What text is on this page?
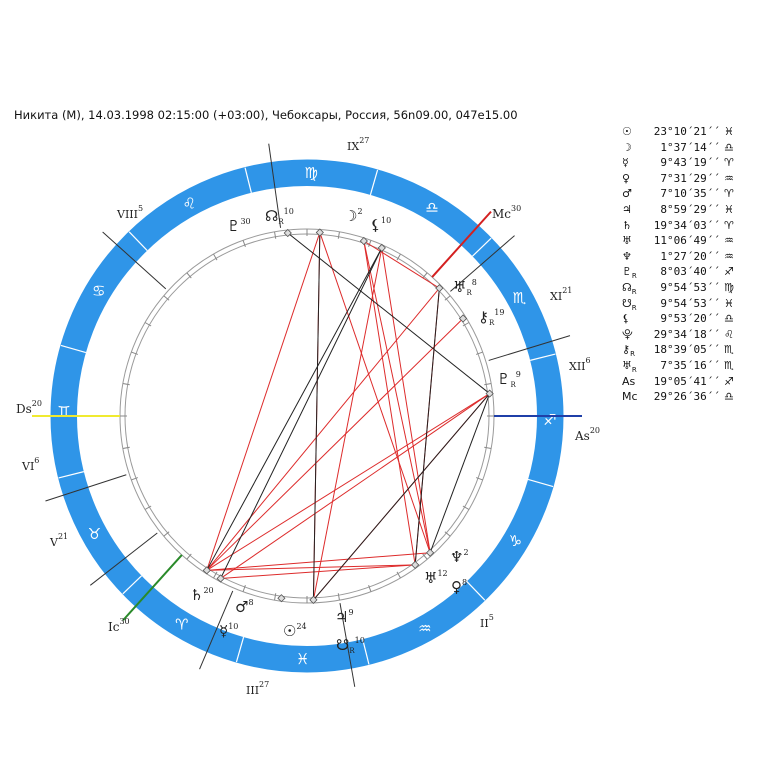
Никита (M), 14.03.1998 02:15:00 (+03:00), Чебоксары, Россия, 56n09.00, 047e15.00
♐
♏
♎
♍
♌
♋
♊
♉
♈
♓
♒
♑
As$^{20}$
Ds$^{20}$
Mc$^{30}$
Ic$^{30}$	$II^5$
III$^{27}$
$V^{21}$
$VI^6$
VIII$^5$
IX$^{27}$
XI$^{21}$
XII$^6$
♇$^{30}$ $☊_R^{10}$	☽$^2$
⚸$^{10}$
$♅_R^8$
$⚷_R^{19}$
$♇_R^9$
♆$^2$
♅$^{12}$
♀$^8$
♃$^9$
$☋_R^{10}$
☉$^{24}$
☿$^{10}$
♂$^8$
♄$^{20}$
☉	23°10´21´´ ♓
☽	1°37´14´´ ♎
☿	9°43´19´´ ♈
♀	7°31´29´´ ♒
♂	7°10´35´´ ♈
♃	8°59´29´´ ♓
♄	19°34´03´´ ♈
♅	11°06´49´´ ♒
♆	1°27´20´´ ♒
$♇_R$	8°03´40´´ ♐
$☊_R$	9°54´53´´ ♍
$☋_R$	9°54´53´´ ♓
⚸	9°53´20´´ ♎
⯓	29°34´18´´ ♌
$⚷_R$	18°39´05´´ ♏
$♅_R$	7°35´16´´ ♏
As	19°05´41´´ ♐
Mc	29°26´36´´ ♎
